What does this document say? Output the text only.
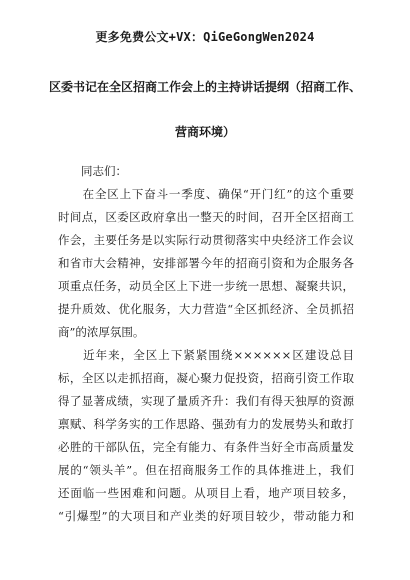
更多免费公文+VX：QiGeGongWen2024
区委书记在全区招商工作会上的主持讲话提纲（招商工作、
营商环境）
　　同志们：
　　在全区上下奋斗一季度、确保“开门红”的这个重要
时间点，区委区政府拿出一整天的时间，召开全区招商工
作会，主要任务是以实际行动贯彻落实中央经济工作会议
和省市大会精神，安排部署今年的招商引资和为企服务各
项重点任务，动员全区上下进一步统一思想、凝聚共识，
提升质效、优化服务，大力营造“全区抓经济、全员抓招
商”的浓厚氛围。
　　近年来，全区上下紧紧围绕××××××区建设总目
标，全区以走抓招商，凝心聚力促投资，招商引资工作取
得了显著成绩，实现了量质齐升：我们有得天独厚的资源
禀赋、科学务实的工作思路、强劲有力的发展势头和敢打
必胜的干部队伍，完全有能力、有条件当好全市高质量发
展的“领头羊”。但在招商服务工作的具体推进上，我们
还面临一些困难和问题。从项目上看，地产项目较多，
“引爆型”的大项目和产业类的好项目较少，带动能力和
